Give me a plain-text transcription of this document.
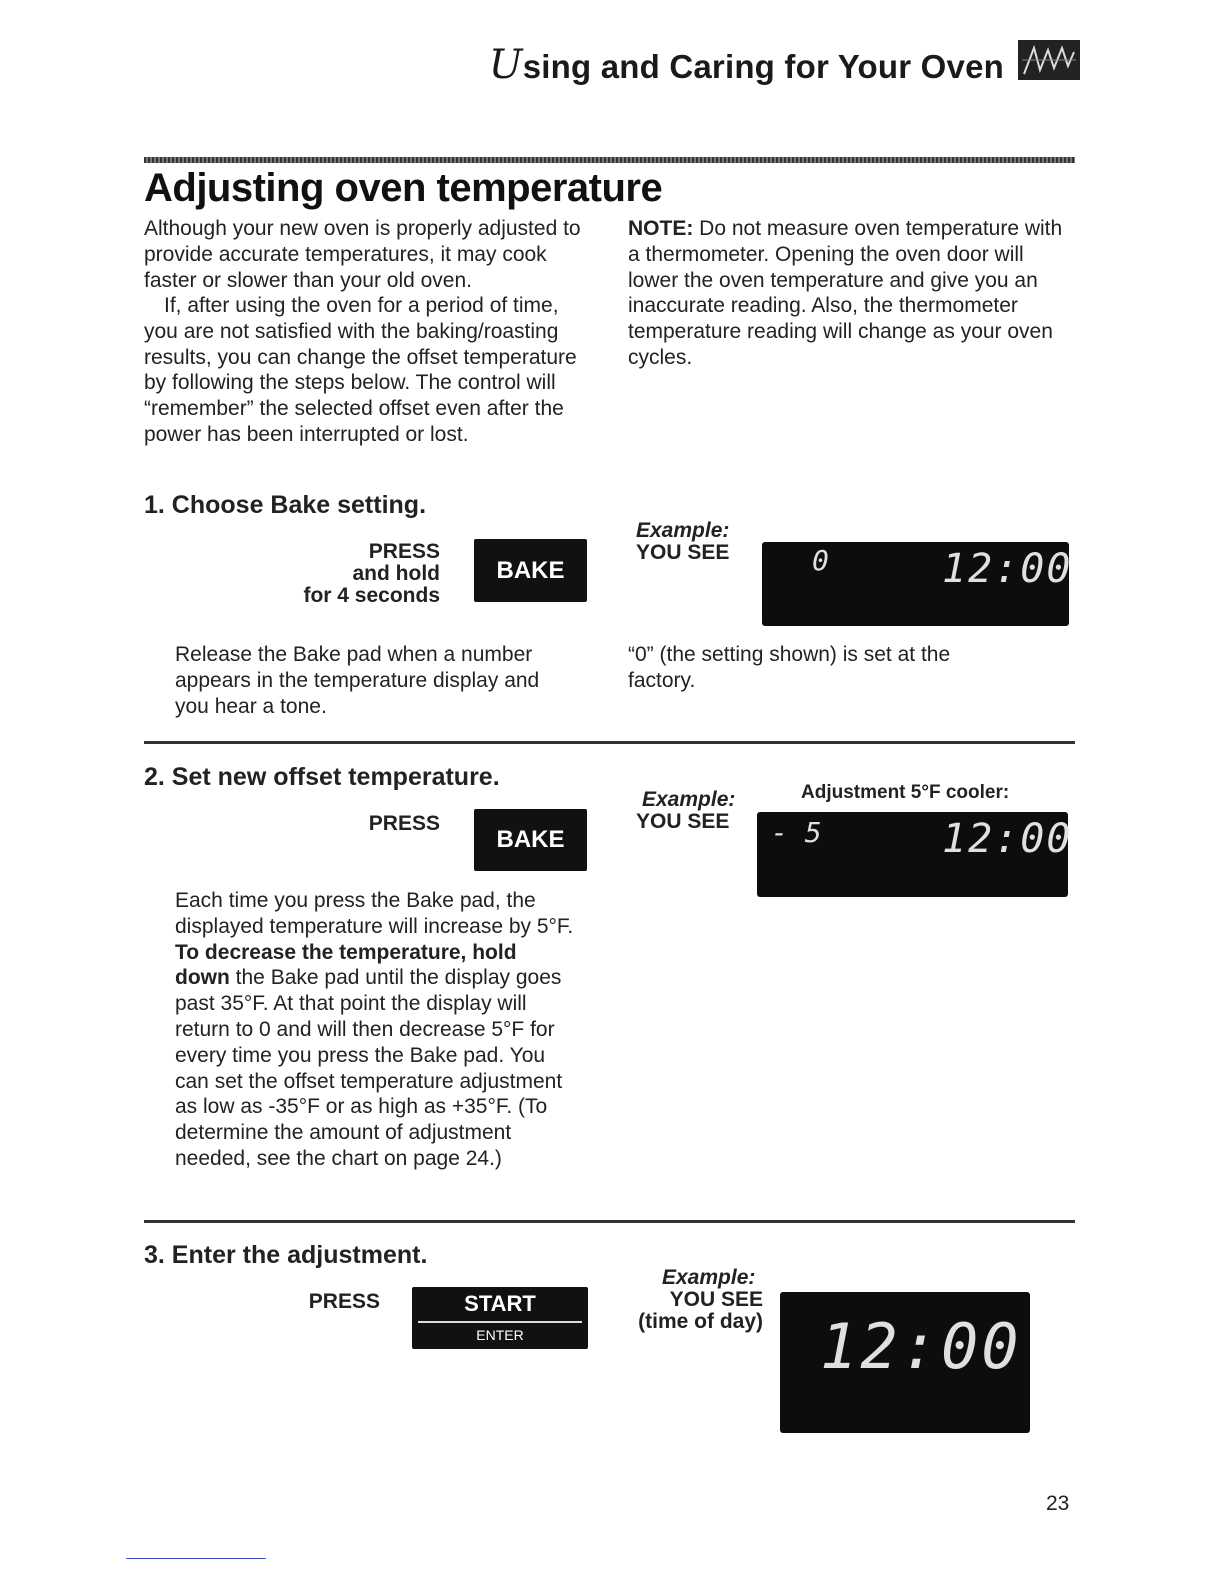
Using and Caring for Your Oven
Adjusting oven temperature
Although your new oven is properly adjusted to provide accurate temperatures, it may cook faster or slower than your old oven.
If, after using the oven for a period of time, you are not satisfied with the baking/roasting results, you can change the offset temperature by following the steps below. The control will “remember” the selected offset even after the power has been interrupted or lost.
NOTE: Do not measure oven temperature with a thermometer. Opening the oven door will lower the oven temperature and give you an inaccurate reading. Also, the thermometer temperature reading will change as your oven cycles.
1. Choose Bake setting.
PRESS
and hold
for 4 seconds
BAKE
Example:
YOU SEE	0	12:00
Release the Bake pad when a number appears in the temperature display and you hear a tone.
“0” (the setting shown) is set at the factory.
2. Set new offset temperature.
PRESS
BAKE
Example:
YOU SEE
Adjustment 5°F cooler:
- 5	12:00
Each time you press the Bake pad, the displayed temperature will increase by 5°F. To decrease the temperature, hold down the Bake pad until the display goes past 35°F. At that point the display will return to 0 and will then decrease 5°F for every time you press the Bake pad. You can set the offset temperature adjustment as low as -35°F or as high as +35°F. (To determine the amount of adjustment needed, see the chart on page 24.)
3. Enter the adjustment.
PRESS	START
ENTER
Example:
YOU SEE
(time of day) 12:00
23
